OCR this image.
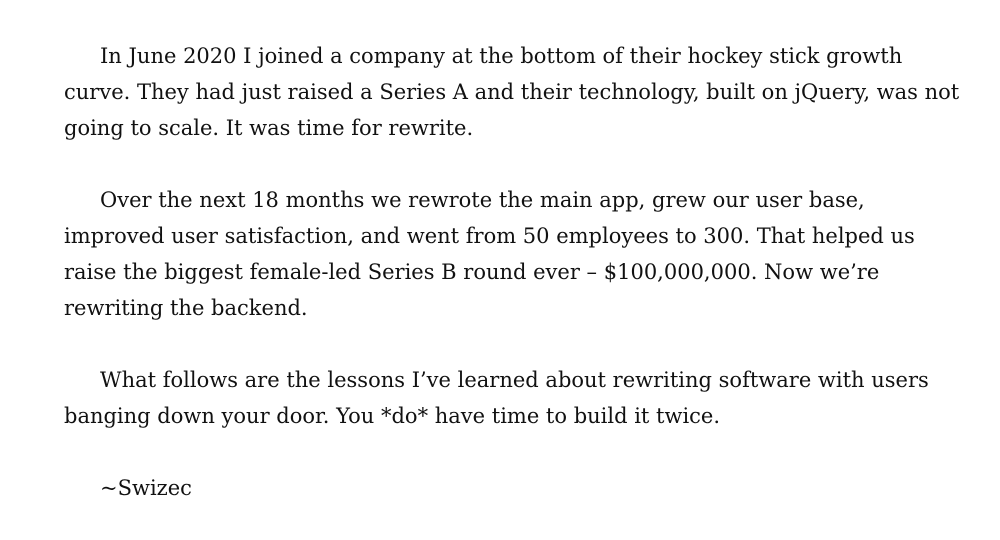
In June 2020 I joined a company at the bottom of their hockey stick growth curve. They had just raised a Series A and their technology, built on jQuery, was not going to scale. It was time for rewrite.

Over the next 18 months we rewrote the main app, grew our user base, improved user satisfaction, and went from 50 employees to 300. That helped us raise the biggest female-led Series B round ever – $100,000,000. Now we’re rewriting the backend.

What follows are the lessons I’ve learned about rewriting software with users banging down your door. You *do* have time to build it twice.

~Swizec
